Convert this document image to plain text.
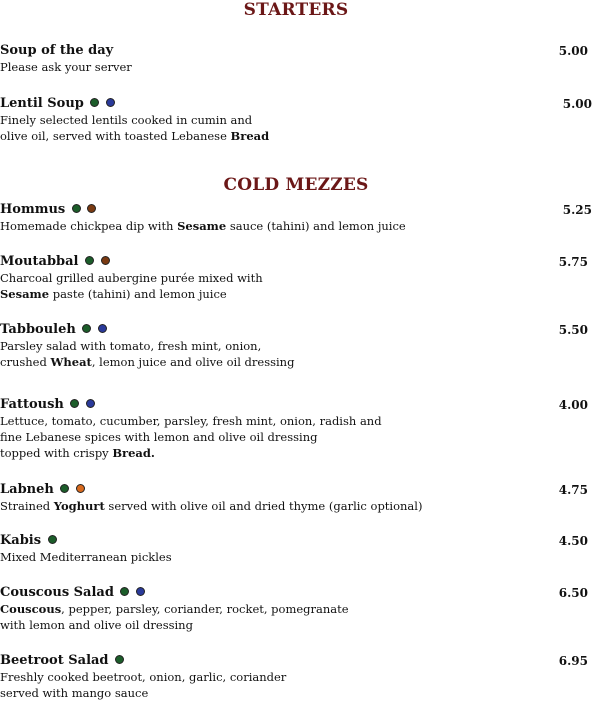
STARTERS
Soup of the day	5.00
Please ask your server
Lentil Soup	5.00
Finely selected lentils cooked in cumin and
olive oil, served with toasted Lebanese Bread
COLD MEZZES
Hommus	5.25
Homemade chickpea dip with Sesame sauce (tahini) and lemon juice
Moutabbal	5.75
Charcoal grilled aubergine purée mixed with
Sesame paste (tahini) and lemon juice
Tabbouleh	5.50
Parsley salad with tomato, fresh mint, onion,
crushed Wheat, lemon juice and olive oil dressing
Fattoush	4.00
Lettuce, tomato, cucumber, parsley, fresh mint, onion, radish and
fine Lebanese spices with lemon and olive oil dressing
topped with crispy Bread.
Labneh	4.75
Strained Yoghurt served with olive oil and dried thyme (garlic optional)
Kabis	4.50
Mixed Mediterranean pickles
Couscous Salad	6.50
Couscous, pepper, parsley, coriander, rocket, pomegranate
with lemon and olive oil dressing
Beetroot Salad	6.95
Freshly cooked beetroot, onion, garlic, coriander
served with mango sauce
